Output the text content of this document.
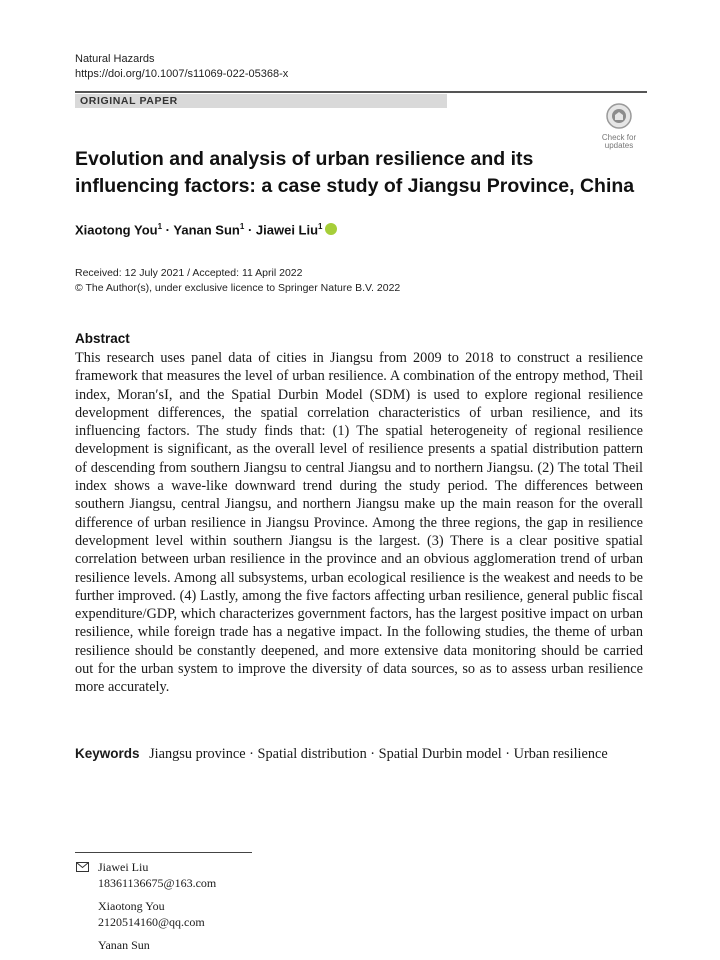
Natural Hazards
https://doi.org/10.1007/s11069-022-05368-x
ORIGINAL PAPER
Check for
updates
Evolution and analysis of urban resilience and its influencing factors: a case study of Jiangsu Province, China
Xiaotong You$^1$ · Yanan Sun$^1$ · Jiawei Liu$^1$
Received: 12 July 2021 / Accepted: 11 April 2022
© The Author(s), under exclusive licence to Springer Nature B.V. 2022
Abstract
This research uses panel data of cities in Jiangsu from 2009 to 2018 to construct a resilience framework that measures the level of urban resilience. A combination of the entropy method, Theil index, Moran′sI, and the Spatial Durbin Model (SDM) is used to explore regional resilience development differences, the spatial correlation characteristics of urban resilience, and its influencing factors. The study finds that: (1) The spatial heterogeneity of regional resilience development is significant, as the overall level of resilience presents a spatial distribution pattern of descending from southern Jiangsu to central Jiangsu and to northern Jiangsu. (2) The total Theil index shows a wave-like downward trend during the study period. The differences between southern Jiangsu, central Jiangsu, and northern Jiangsu make up the main reason for the overall difference of urban resilience in Jiangsu Province. Among the three regions, the gap in resilience development level within southern Jiangsu is the largest. (3) There is a clear positive spatial correlation between urban resilience in the province and an obvious agglomeration trend of urban resilience levels. Among all subsystems, urban ecological resilience is the weakest and needs to be further improved. (4) Lastly, among the five factors affecting urban resilience, general public fiscal expenditure/GDP, which characterizes government factors, has the largest positive impact on urban resilience, while foreign trade has a negative impact. In the following studies, the theme of urban resilience should be constantly deepened, and more extensive data monitoring should be carried out for the urban system to improve the diversity of data sources, so as to assess urban resilience more accurately.
Keywords Jiangsu province · Spatial distribution · Spatial Durbin model · Urban resilience
Jiawei Liu
18361136675@163.com
Xiaotong You
2120514160@qq.com
Yanan Sun
